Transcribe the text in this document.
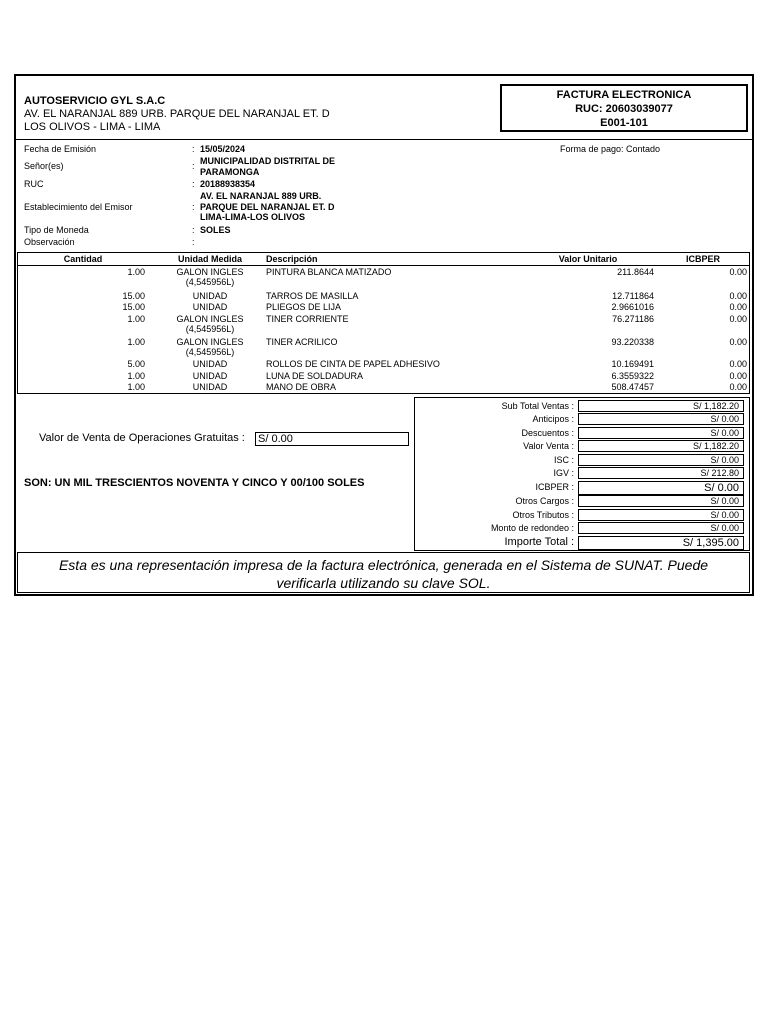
AUTOSERVICIO GYL S.A.C
AV. EL NARANJAL 889 URB. PARQUE DEL NARANJAL ET. D
LOS OLIVOS - LIMA - LIMA
FACTURA ELECTRONICA
RUC: 20603039077
E001-101
Fecha de Emisión	: 15/05/2024	Forma de pago: Contado
Señor(es)	: MUNICIPALIDAD DISTRITAL DE
PARAMONGA
RUC	: 20188938354
AV. EL NARANJAL 889 URB.
Establecimiento del Emisor	: PARQUE DEL NARANJAL ET. D
LIMA-LIMA-LOS OLIVOS
Tipo de Moneda	: SOLES
Observación	:
Cantidad	Unidad Medida	Descripción	Valor Unitario	ICBPER
1.00	GALON INGLES
(4,545956L)
PINTURA BLANCA MATIZADO	211.8644	0.00
15.00	UNIDAD	TARROS DE MASILLA	12.711864	0.00
15.00	UNIDAD	PLIEGOS DE LIJA	2.9661016	0.00
1.00	GALON INGLES
(4,545956L)
TINER CORRIENTE	76.271186	0.00
1.00	GALON INGLES
(4,545956L)
TINER ACRILICO	93.220338	0.00
5.00	UNIDAD	ROLLOS DE CINTA DE PAPEL ADHESIVO	10.169491	0.00
1.00	UNIDAD	LUNA DE SOLDADURA	6.3559322	0.00
1.00	UNIDAD	MANO DE OBRA	508.47457	0.00
Valor de Venta de Operaciones Gratuitas : S/ 0.00
SON: UN MIL TRESCIENTOS NOVENTA Y CINCO Y 00/100 SOLES
Sub Total Ventas :	S/ 1,182.20
Anticipos :	S/ 0.00
Descuentos :	S/ 0.00
Valor Venta :	S/ 1,182.20
ISC :	S/ 0.00
IGV :	S/ 212.80
ICBPER :	S/ 0.00
Otros Cargos :	S/ 0.00
Otros Tributos :	S/ 0.00
Monto de redondeo :	S/ 0.00
Importe Total :	S/ 1,395.00
Esta es una representación impresa de la factura electrónica, generada en el Sistema de SUNAT. Puede
verificarla utilizando su clave SOL.
